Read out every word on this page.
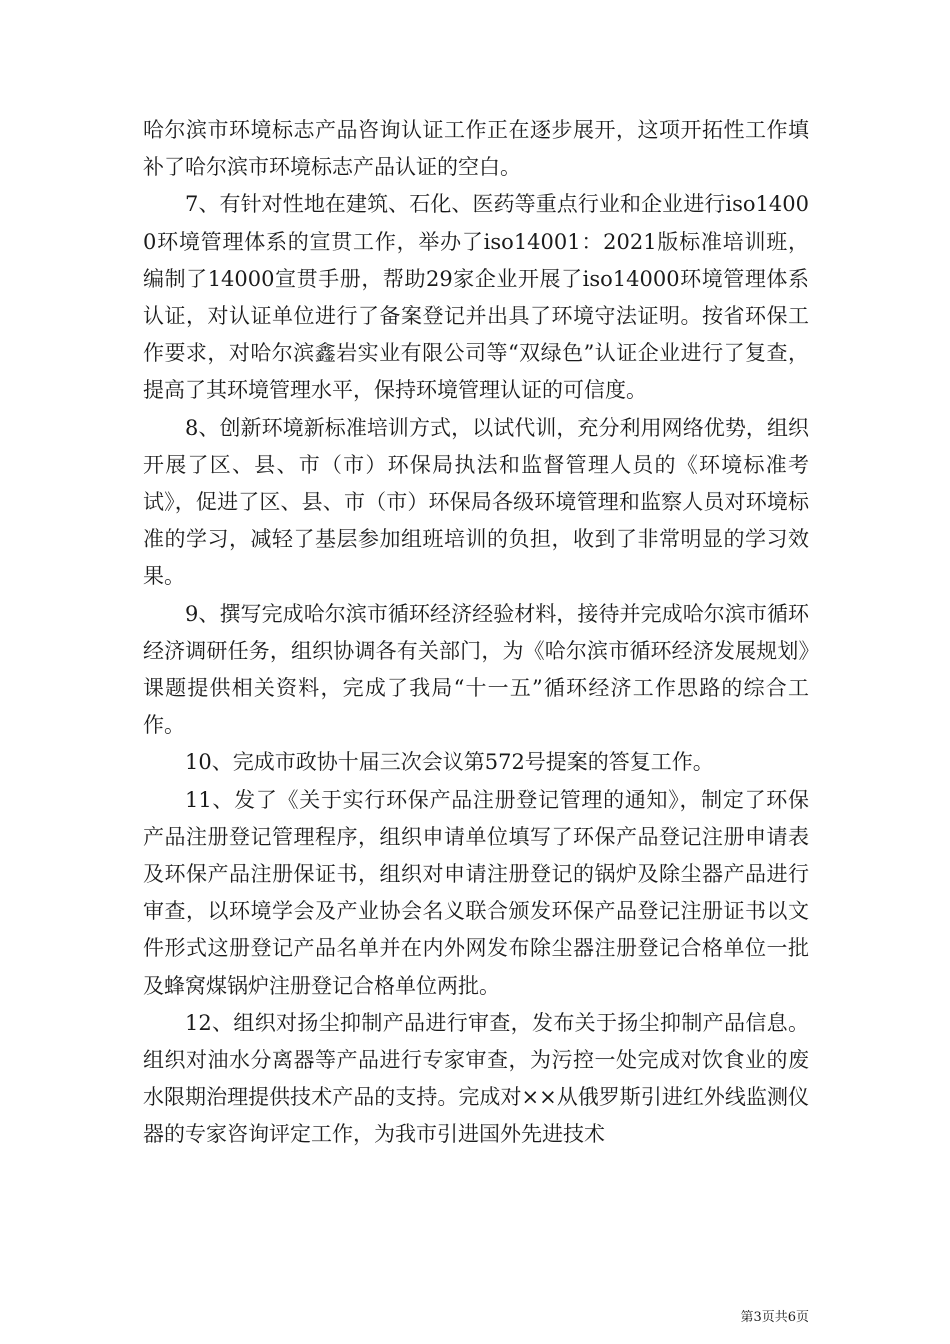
哈尔滨市环境标志产品咨询认证工作正在逐步展开，这项开拓性工作填补了哈尔滨市环境标志产品认证的空白。

7、有针对性地在建筑、石化、医药等重点行业和企业进行iso14000环境管理体系的宣贯工作，举办了iso14001：2021版标准培训班，编制了14000宣贯手册，帮助29家企业开展了iso14000环境管理体系认证，对认证单位进行了备案登记并出具了环境守法证明。按省环保工作要求，对哈尔滨鑫岩实业有限公司等“双绿色”认证企业进行了复查，提高了其环境管理水平，保持环境管理认证的可信度。

8、创新环境新标准培训方式，以试代训，充分利用网络优势，组织开展了区、县、市（市）环保局执法和监督管理人员的《环境标准考试》，促进了区、县、市（市）环保局各级环境管理和监察人员对环境标准的学习，减轻了基层参加组班培训的负担，收到了非常明显的学习效果。

9、撰写完成哈尔滨市循环经济经验材料，接待并完成哈尔滨市循环经济调研任务，组织协调各有关部门，为《哈尔滨市循环经济发展规划》课题提供相关资料，完成了我局“十一五”循环经济工作思路的综合工作。

10、完成市政协十届三次会议第572号提案的答复工作。

11、发了《关于实行环保产品注册登记管理的通知》，制定了环保产品注册登记管理程序，组织申请单位填写了环保产品登记注册申请表及环保产品注册保证书，组织对申请注册登记的锅炉及除尘器产品进行审查，以环境学会及产业协会名义联合颁发环保产品登记注册证书以文件形式这册登记产品名单并在内外网发布除尘器注册登记合格单位一批及蜂窝煤锅炉注册登记合格单位两批。

12、组织对扬尘抑制产品进行审查，发布关于扬尘抑制产品信息。组织对油水分离器等产品进行专家审查，为污控一处完成对饮食业的废水限期治理提供技术产品的支持。完成对××从俄罗斯引进红外线监测仪器的专家咨询评定工作，为我市引进国外先进技术

第3页共6页
